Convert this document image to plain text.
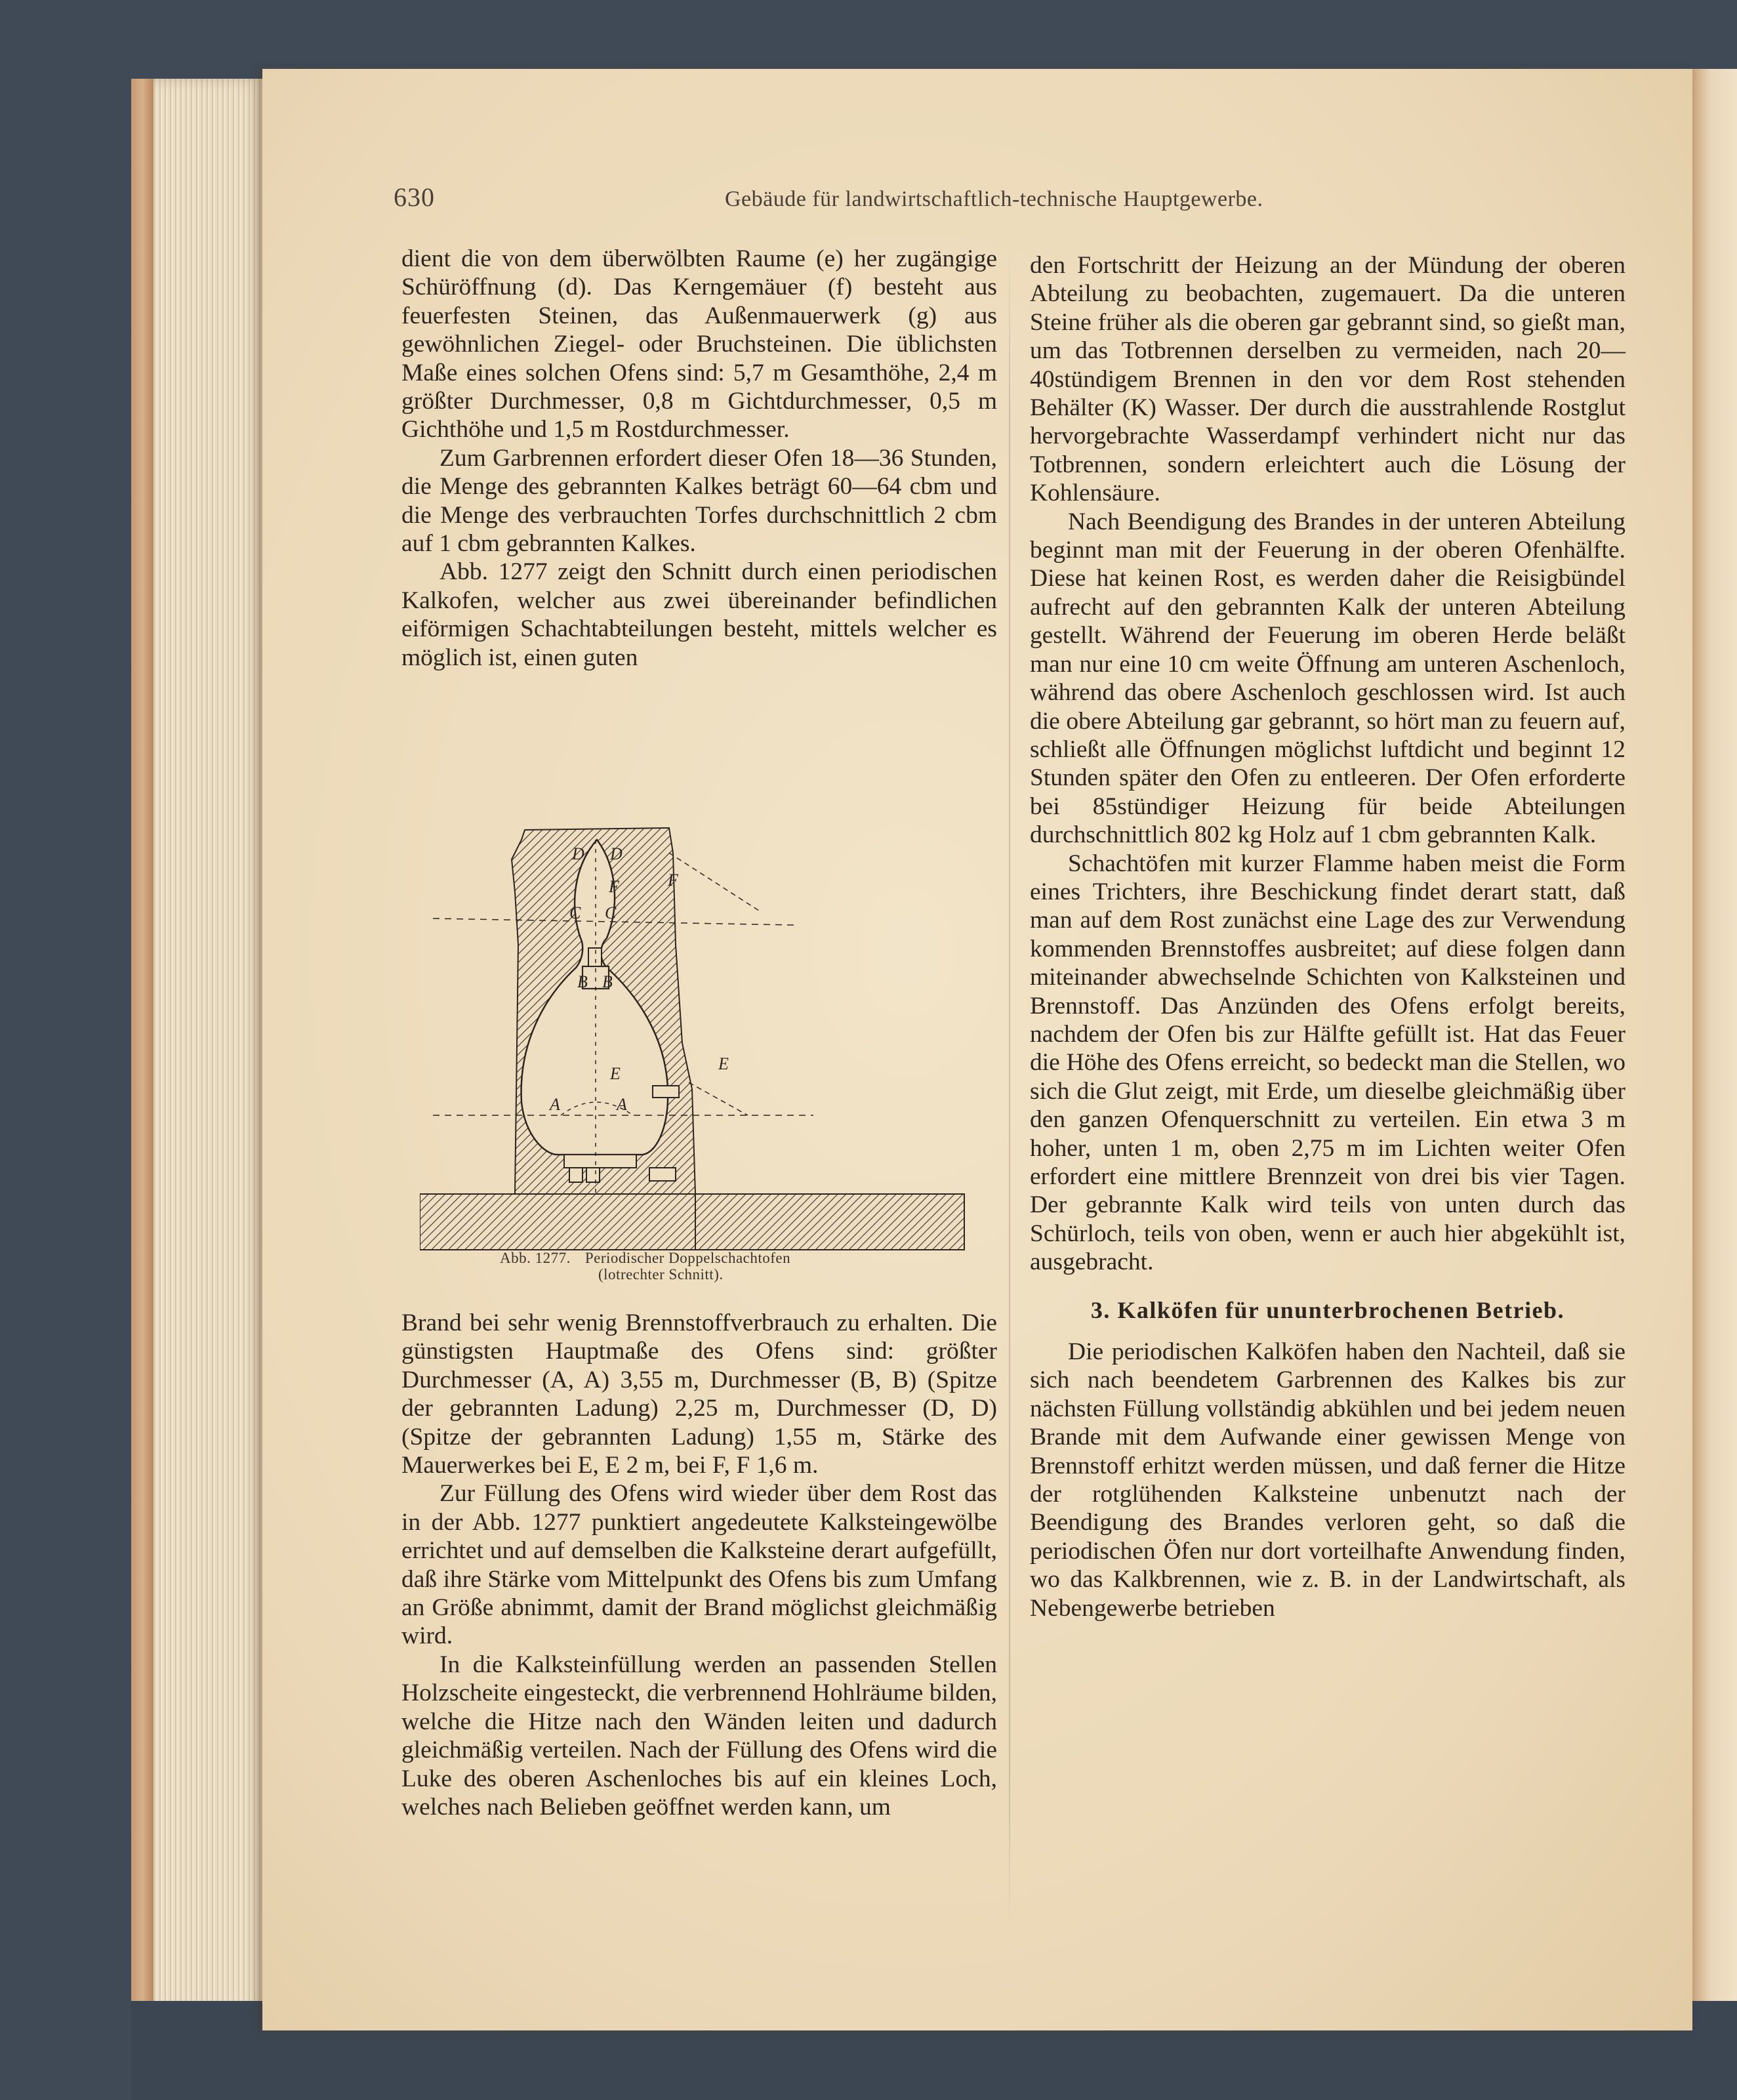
630	Gebäude für landwirtschaftlich-technische Hauptgewerbe.

dient die von dem überwölbten Raume (e) her zugängige Schüröffnung (d). Das Kerngemäuer (f) besteht aus feuerfesten Steinen, das Außenmauerwerk (g) aus gewöhnlichen Ziegel- oder Bruchsteinen. Die üblichsten Maße eines solchen Ofens sind: 5,7 m Gesamthöhe, 2,4 m größter Durchmesser, 0,8 m Gichtdurchmesser, 0,5 m Gichthöhe und 1,5 m Rostdurchmesser.

Zum Garbrennen erfordert dieser Ofen 18—36 Stunden, die Menge des gebrannten Kalkes beträgt 60—64 cbm und die Menge des verbrauchten Torfes durchschnittlich 2 cbm auf 1 cbm gebrannten Kalkes.

Abb. 1277 zeigt den Schnitt durch einen periodischen Kalkofen, welcher aus zwei übereinander befindlichen eiförmigen Schachtabteilungen besteht, mittels welcher es möglich ist, einen guten

D D
F
F
C C
B B
E
E
A	A
Abb. 1277. Periodischer Doppelschachtofen
(lotrechter Schnitt).

Brand bei sehr wenig Brennstoffverbrauch zu erhalten. Die günstigsten Hauptmaße des Ofens sind: größter Durchmesser (A, A) 3,55 m, Durchmesser (B, B) (Spitze der gebrannten Ladung) 2,25 m, Durchmesser (D, D) (Spitze der gebrannten Ladung) 1,55 m, Stärke des Mauerwerkes bei E, E 2 m, bei F, F 1,6 m.

Zur Füllung des Ofens wird wieder über dem Rost das in der Abb. 1277 punktiert angedeutete Kalksteingewölbe errichtet und auf demselben die Kalksteine derart aufgefüllt, daß ihre Stärke vom Mittelpunkt des Ofens bis zum Umfang an Größe abnimmt, damit der Brand möglichst gleichmäßig wird.

In die Kalksteinfüllung werden an passenden Stellen Holzscheite eingesteckt, die verbrennend Hohlräume bilden, welche die Hitze nach den Wänden leiten und dadurch gleichmäßig verteilen. Nach der Füllung des Ofens wird die Luke des oberen Aschenloches bis auf ein kleines Loch, welches nach Belieben geöffnet werden kann, um

den Fortschritt der Heizung an der Mündung der oberen Abteilung zu beobachten, zugemauert. Da die unteren Steine früher als die oberen gar gebrannt sind, so gießt man, um das Totbrennen derselben zu vermeiden, nach 20—40stündigem Brennen in den vor dem Rost stehenden Behälter (K) Wasser. Der durch die ausstrahlende Rostglut hervorgebrachte Wasserdampf verhindert nicht nur das Totbrennen, sondern erleichtert auch die Lösung der Kohlensäure.

Nach Beendigung des Brandes in der unteren Abteilung beginnt man mit der Feuerung in der oberen Ofenhälfte. Diese hat keinen Rost, es werden daher die Reisigbündel aufrecht auf den gebrannten Kalk der unteren Abteilung gestellt. Während der Feuerung im oberen Herde beläßt man nur eine 10 cm weite Öffnung am unteren Aschenloch, während das obere Aschenloch geschlossen wird. Ist auch die obere Abteilung gar gebrannt, so hört man zu feuern auf, schließt alle Öffnungen möglichst luftdicht und beginnt 12 Stunden später den Ofen zu entleeren. Der Ofen erforderte bei 85stündiger Heizung für beide Abteilungen durchschnittlich 802 kg Holz auf 1 cbm gebrannten Kalk.

Schachtöfen mit kurzer Flamme haben meist die Form eines Trichters, ihre Beschickung findet derart statt, daß man auf dem Rost zunächst eine Lage des zur Verwendung kommenden Brennstoffes ausbreitet; auf diese folgen dann miteinander abwechselnde Schichten von Kalksteinen und Brennstoff. Das Anzünden des Ofens erfolgt bereits, nachdem der Ofen bis zur Hälfte gefüllt ist. Hat das Feuer die Höhe des Ofens erreicht, so bedeckt man die Stellen, wo sich die Glut zeigt, mit Erde, um dieselbe gleichmäßig über den ganzen Ofenquerschnitt zu verteilen. Ein etwa 3 m hoher, unten 1 m, oben 2,75 m im Lichten weiter Ofen erfordert eine mittlere Brennzeit von drei bis vier Tagen. Der gebrannte Kalk wird teils von unten durch das Schürloch, teils von oben, wenn er auch hier abgekühlt ist, ausgebracht.

3. Kalköfen für ununterbrochenen Betrieb.

Die periodischen Kalköfen haben den Nachteil, daß sie sich nach beendetem Garbrennen des Kalkes bis zur nächsten Füllung vollständig abkühlen und bei jedem neuen Brande mit dem Aufwande einer gewissen Menge von Brennstoff erhitzt werden müssen, und daß ferner die Hitze der rotglühenden Kalksteine unbenutzt nach der Beendigung des Brandes verloren geht, so daß die periodischen Öfen nur dort vorteilhafte Anwendung finden, wo das Kalkbrennen, wie z. B. in der Landwirtschaft, als Nebengewerbe betrieben
